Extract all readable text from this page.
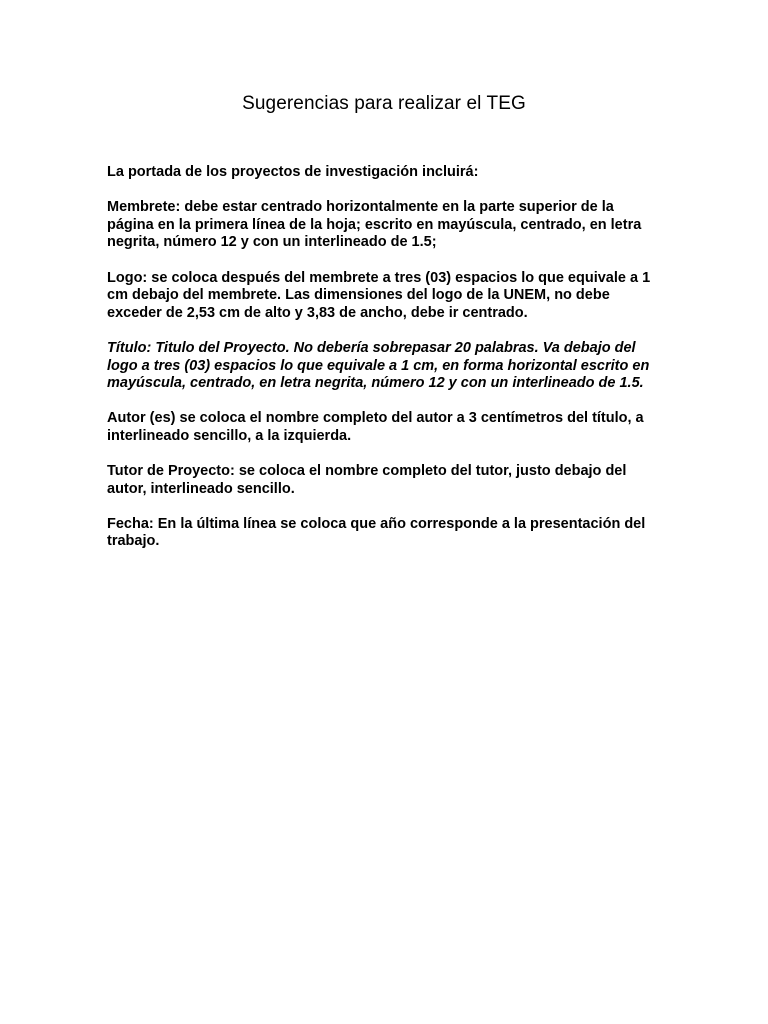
Sugerencias para realizar el TEG

La portada de los proyectos de investigación incluirá:

Membrete: debe estar centrado horizontalmente en la parte superior de la página en la primera línea de la hoja; escrito en mayúscula, centrado, en letra negrita, número 12 y con un interlineado de 1.5;

Logo: se coloca después del membrete a tres (03) espacios lo que equivale a 1 cm debajo del membrete. Las dimensiones del logo de la UNEM, no debe exceder de 2,53 cm de alto y 3,83 de ancho, debe ir centrado.

Título: Titulo del Proyecto. No debería sobrepasar 20 palabras. Va debajo del logo a tres (03) espacios lo que equivale a 1 cm, en forma horizontal escrito en mayúscula, centrado, en letra negrita, número 12 y con un interlineado de 1.5.

Autor (es) se coloca el nombre completo del autor a 3 centímetros del título, a interlineado sencillo, a la izquierda.

Tutor de Proyecto: se coloca el nombre completo del tutor, justo debajo del autor, interlineado sencillo.

Fecha: En la última línea se coloca que año corresponde a la presentación del trabajo.
